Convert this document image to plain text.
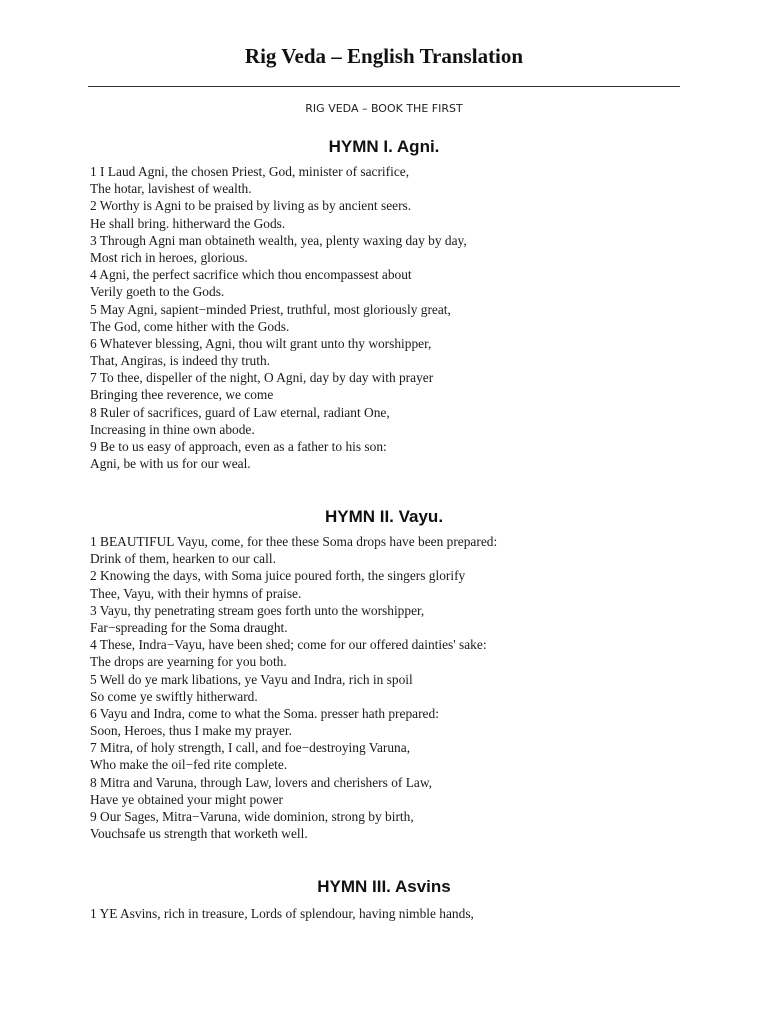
Rig Veda – English Translation
RIG VEDA – BOOK THE FIRST
HYMN I. Agni.
1 I Laud Agni, the chosen Priest, God, minister of sacrifice,
The hotar, lavishest of wealth.
2 Worthy is Agni to be praised by living as by ancient seers.
He shall bring. hitherward the Gods.
3 Through Agni man obtaineth wealth, yea, plenty waxing day by day,
Most rich in heroes, glorious.
4 Agni, the perfect sacrifice which thou encompassest about
Verily goeth to the Gods.
5 May Agni, sapient−minded Priest, truthful, most gloriously great,
The God, come hither with the Gods.
6 Whatever blessing, Agni, thou wilt grant unto thy worshipper,
That, Angiras, is indeed thy truth.
7 To thee, dispeller of the night, O Agni, day by day with prayer
Bringing thee reverence, we come
8 Ruler of sacrifices, guard of Law eternal, radiant One,
Increasing in thine own abode.
9 Be to us easy of approach, even as a father to his son:
Agni, be with us for our weal.
HYMN II. Vayu.
1 BEAUTIFUL Vayu, come, for thee these Soma drops have been prepared:
Drink of them, hearken to our call.
2 Knowing the days, with Soma juice poured forth, the singers glorify
Thee, Vayu, with their hymns of praise.
3 Vayu, thy penetrating stream goes forth unto the worshipper,
Far−spreading for the Soma draught.
4 These, Indra−Vayu, have been shed; come for our offered dainties' sake:
The drops are yearning for you both.
5 Well do ye mark libations, ye Vayu and Indra, rich in spoil
So come ye swiftly hitherward.
6 Vayu and Indra, come to what the Soma. presser hath prepared:
Soon, Heroes, thus I make my prayer.
7 Mitra, of holy strength, I call, and foe−destroying Varuna,
Who make the oil−fed rite complete.
8 Mitra and Varuna, through Law, lovers and cherishers of Law,
Have ye obtained your might power
9 Our Sages, Mitra−Varuna, wide dominion, strong by birth,
Vouchsafe us strength that worketh well.
HYMN III. Asvins
1 YE Asvins, rich in treasure, Lords of splendour, having nimble hands,
